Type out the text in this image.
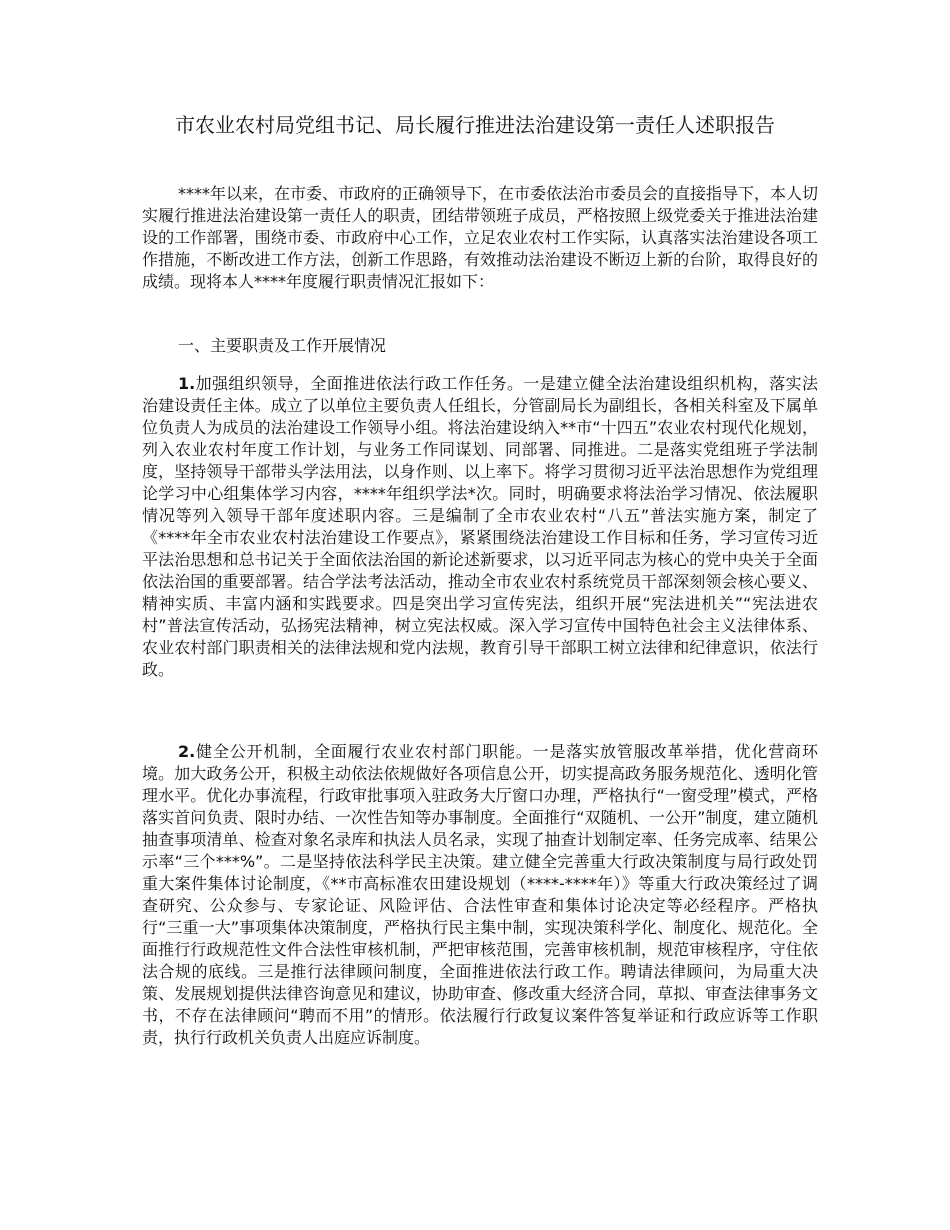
市农业农村局党组书记、局长履行推进法治建设第一责任人述职报告
****年以来，在市委、市政府的正确领导下，在市委依法治市委员会的直接指导下，本人切实履行推进法治建设第一责任人的职责，团结带领班子成员，严格按照上级党委关于推进法治建设的工作部署，围绕市委、市政府中心工作，立足农业农村工作实际，认真落实法治建设各项工作措施，不断改进工作方法，创新工作思路，有效推动法治建设不断迈上新的台阶，取得良好的成绩。现将本人****年度履行职责情况汇报如下：
一、主要职责及工作开展情况
1.加强组织领导，全面推进依法行政工作任务。一是建立健全法治建设组织机构，落实法治建设责任主体。成立了以单位主要负责人任组长，分管副局长为副组长，各相关科室及下属单位负责人为成员的法治建设工作领导小组。将法治建设纳入**市“十四五”农业农村现代化规划，列入农业农村年度工作计划，与业务工作同谋划、同部署、同推进。二是落实党组班子学法制度，坚持领导干部带头学法用法，以身作则、以上率下。将学习贯彻习近平法治思想作为党组理论学习中心组集体学习内容，****年组织学法*次。同时，明确要求将法治学习情况、依法履职情况等列入领导干部年度述职内容。三是编制了全市农业农村“八五”普法实施方案，制定了《****年全市农业农村法治建设工作要点》，紧紧围绕法治建设工作目标和任务，学习宣传习近平法治思想和总书记关于全面依法治国的新论述新要求，以习近平同志为核心的党中央关于全面依法治国的重要部署。结合学法考法活动，推动全市农业农村系统党员干部深刻领会核心要义、精神实质、丰富内涵和实践要求。四是突出学习宣传宪法，组织开展“宪法进机关”“宪法进农村”普法宣传活动，弘扬宪法精神，树立宪法权威。深入学习宣传中国特色社会主义法律体系、农业农村部门职责相关的法律法规和党内法规，教育引导干部职工树立法律和纪律意识，依法行政。
2.健全公开机制，全面履行农业农村部门职能。一是落实放管服改革举措，优化营商环境。加大政务公开，积极主动依法依规做好各项信息公开，切实提高政务服务规范化、透明化管理水平。优化办事流程，行政审批事项入驻政务大厅窗口办理，严格执行“一窗受理”模式，严格落实首问负责、限时办结、一次性告知等办事制度。全面推行“双随机、一公开”制度，建立随机抽查事项清单、检查对象名录库和执法人员名录，实现了抽查计划制定率、任务完成率、结果公示率“三个***%”。二是坚持依法科学民主决策。建立健全完善重大行政决策制度与局行政处罚重大案件集体讨论制度，《**市高标准农田建设规划（****-****年）》等重大行政决策经过了调查研究、公众参与、专家论证、风险评估、合法性审查和集体讨论决定等必经程序。严格执行“三重一大”事项集体决策制度，严格执行民主集中制，实现决策科学化、制度化、规范化。全面推行行政规范性文件合法性审核机制，严把审核范围，完善审核机制，规范审核程序，守住依法合规的底线。三是推行法律顾问制度，全面推进依法行政工作。聘请法律顾问，为局重大决策、发展规划提供法律咨询意见和建议，协助审查、修改重大经济合同，草拟、审查法律事务文书，不存在法律顾问“聘而不用”的情形。依法履行行政复议案件答复举证和行政应诉等工作职责，执行行政机关负责人出庭应诉制度。
